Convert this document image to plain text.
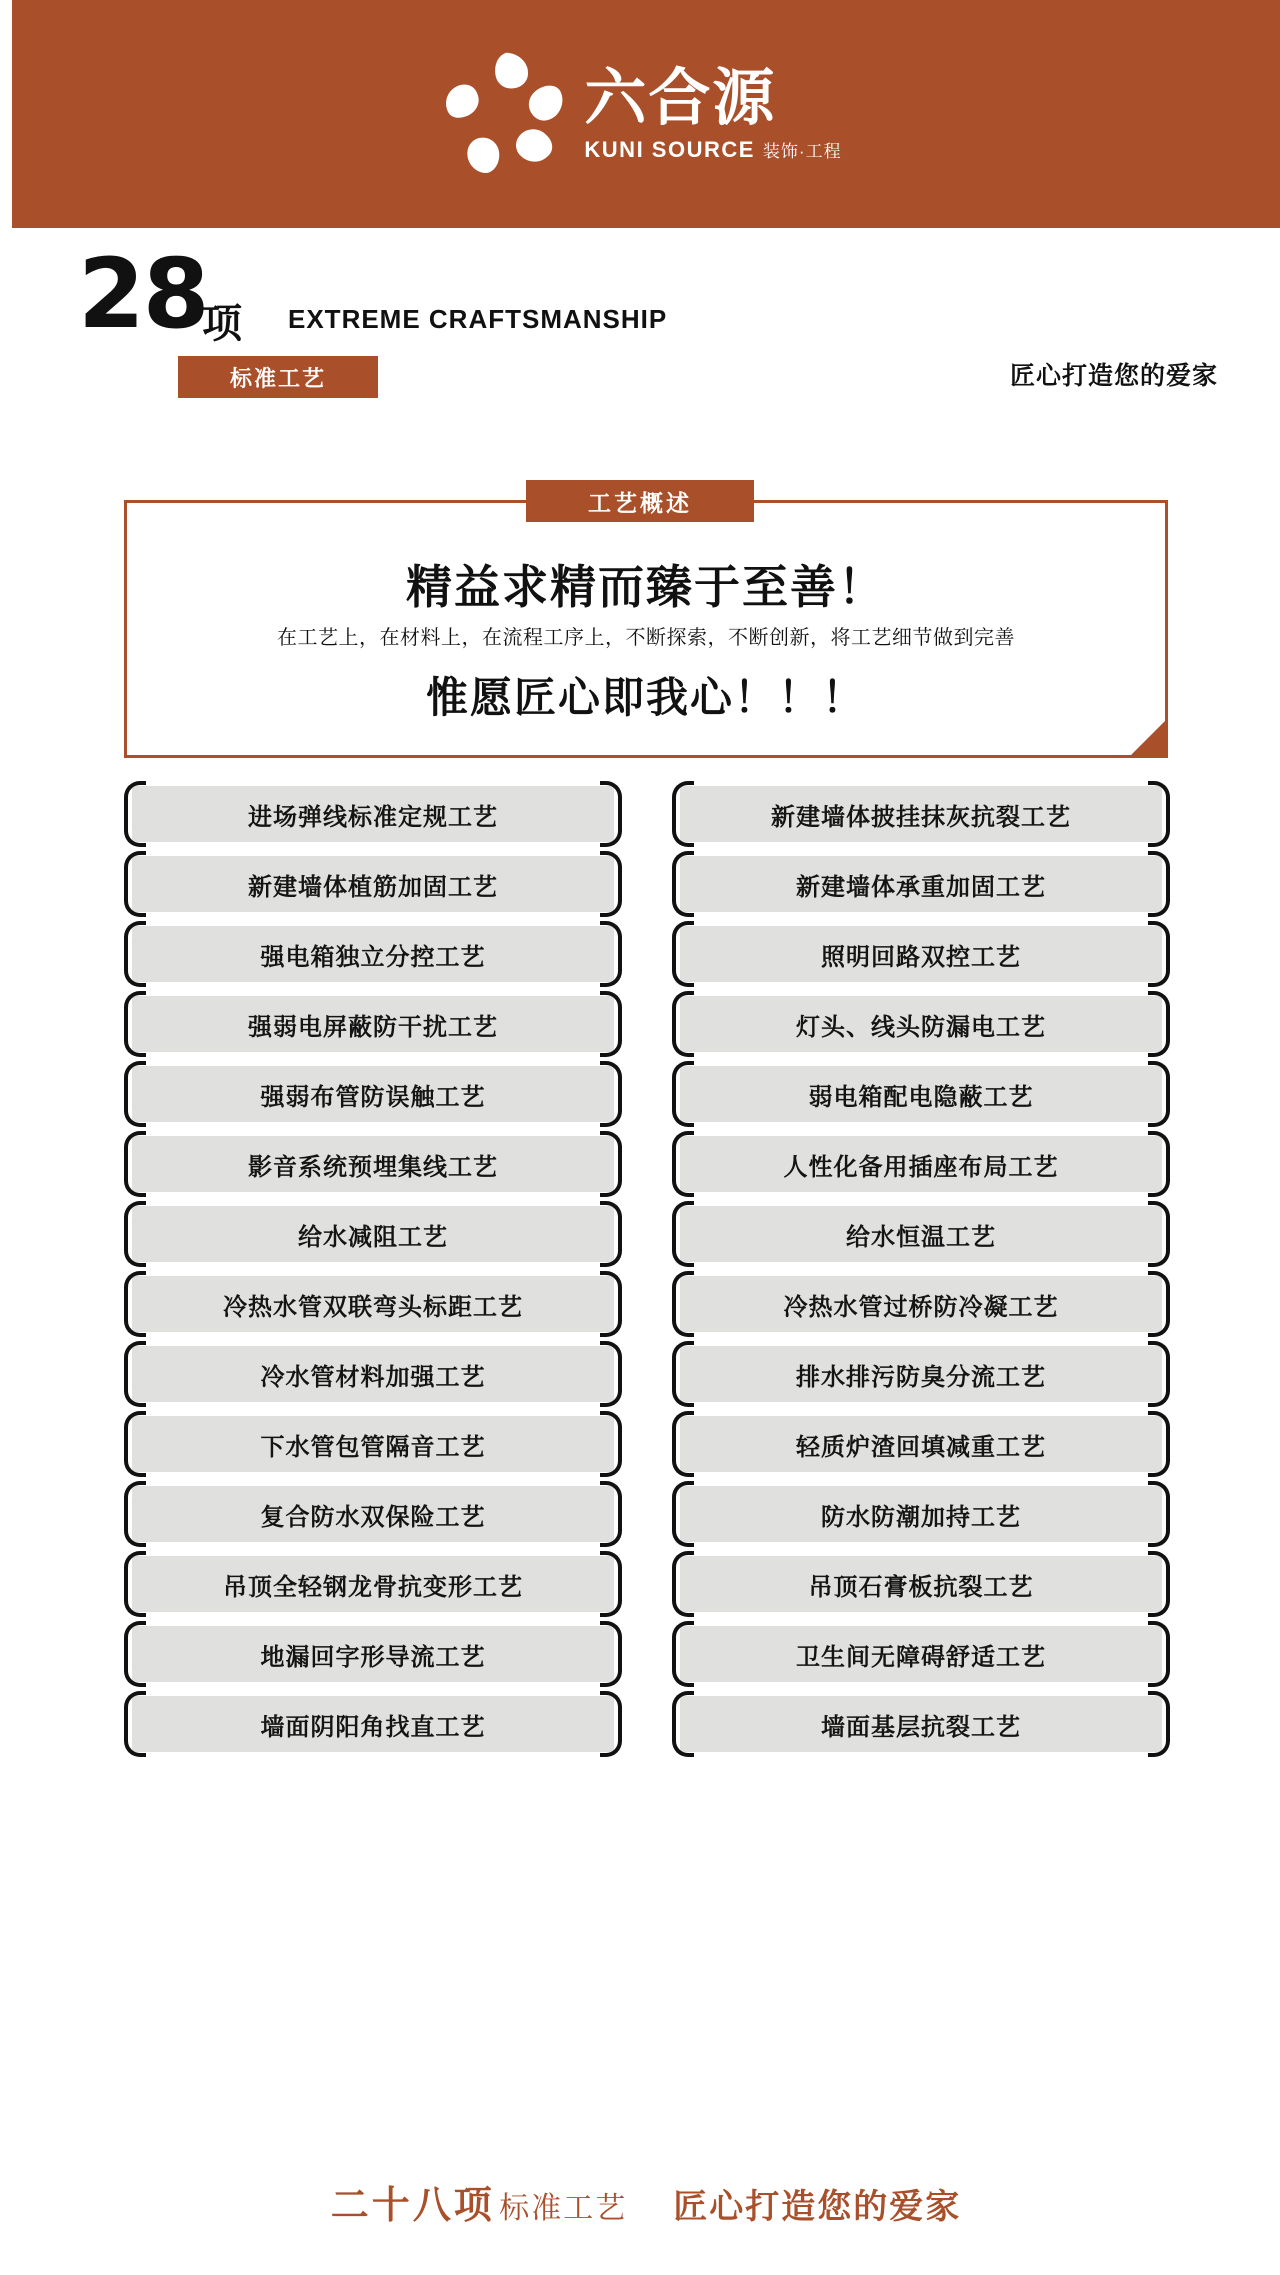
六合源
KUNI SOURCE 装饰·工程
28
项 EXTREME CRAFTSMANSHIP
标准工艺	匠心打造您的爱家
工艺概述
精益求精而臻于至善！
在工艺上，在材料上，在流程工序上，不断探索，不断创新，将工艺细节做到完善
惟愿匠心即我心！！！
进场弹线标准定规工艺	新建墙体披挂抹灰抗裂工艺
新建墙体植筋加固工艺	新建墙体承重加固工艺
强电箱独立分控工艺	照明回路双控工艺
强弱电屏蔽防干扰工艺	灯头、线头防漏电工艺
强弱布管防误触工艺	弱电箱配电隐蔽工艺
影音系统预埋集线工艺	人性化备用插座布局工艺
给水减阻工艺	给水恒温工艺
冷热水管双联弯头标距工艺	冷热水管过桥防冷凝工艺
冷水管材料加强工艺	排水排污防臭分流工艺
下水管包管隔音工艺	轻质炉渣回填减重工艺
复合防水双保险工艺	防水防潮加持工艺
吊顶全轻钢龙骨抗变形工艺	吊顶石膏板抗裂工艺
地漏回字形导流工艺	卫生间无障碍舒适工艺
墙面阴阳角找直工艺	墙面基层抗裂工艺
二十八项 标准工艺 匠心打造您的爱家
